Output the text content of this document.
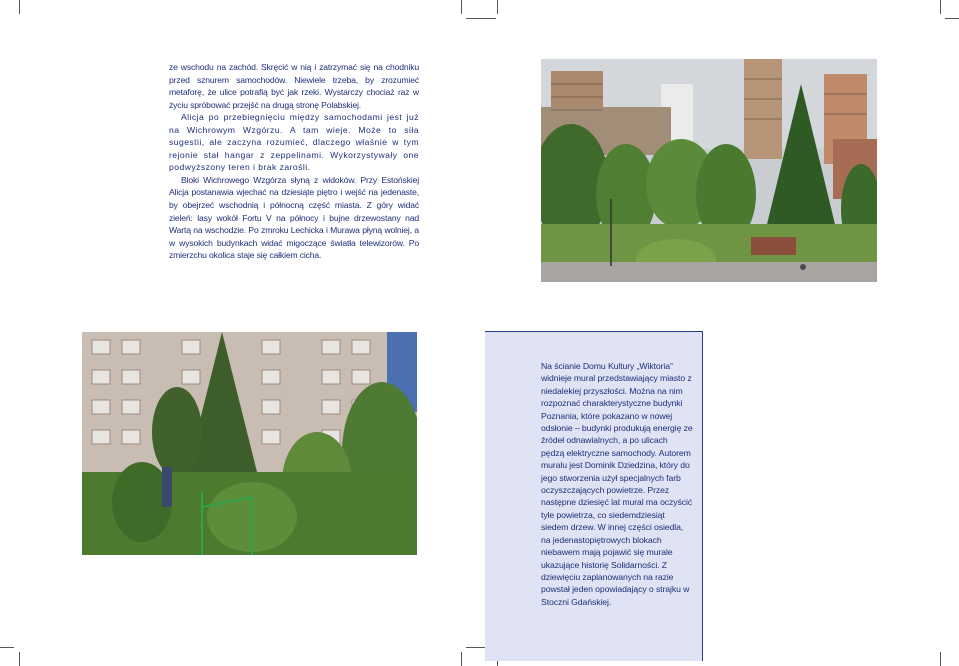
ze wschodu na zachód. Skręcić w nią i zatrzymać się na chodniku przed sznurem samochodów. Niewiele trzeba, by zrozumieć metaforę, że ulice potrafią być jak rzeki. Wystarczy chociaż raz w życiu spróbować przejść na drugą stronę Polabskiej.

Alicja po przebiegnięciu między samochodami jest już na Wichrowym Wzgórzu. A tam wieje. Może to siła sugestii, ale zaczyna rozumieć, dlaczego właśnie w tym rejonie stał hangar z zeppelinami. Wykorzystywały one podwyższony teren i brak zarośli.

Bloki Wichrowego Wzgórza słyną z widoków. Przy Estońskiej Alicja postanawia wjechać na dziesiąte piętro i wejść na jedenaste, by obejrzeć wschodnią i północną część miasta. Z góry widać zieleń: lasy wokół Fortu V na północy i bujne drzewostany nad Wartą na wschodzie. Po zmroku Lechicka i Murawa płyną wolniej, a w wysokich budynkach widać migoczące światła telewizorów. Po zmierzchu okolica staje się całkiem cicha.

Na ścianie Domu Kultury „Wiktoria” widnieje mural przedstawiający miasto z niedalekiej przyszłości. Można na nim rozpoznać charakterystyczne budynki Poznania, które pokazano w nowej odsłonie – budynki produkują energię ze źródeł odnawialnych, a po ulicach pędzą elektryczne samochody. Autorem muralu jest Dominik Dziedzina, który do jego stworzenia użył specjalnych farb oczyszczających powietrze. Przez następne dziesięć lat mural ma oczyścić tyle powietrza, co siedemdziesiąt siedem drzew. W innej części osiedla, na jedenastopiętrowych blokach niebawem mają pojawić się murale ukazujące historię Solidarności. Z dziewięciu zaplanowanych na razie powstał jeden opowiadający o strajku w Stoczni Gdańskiej.
